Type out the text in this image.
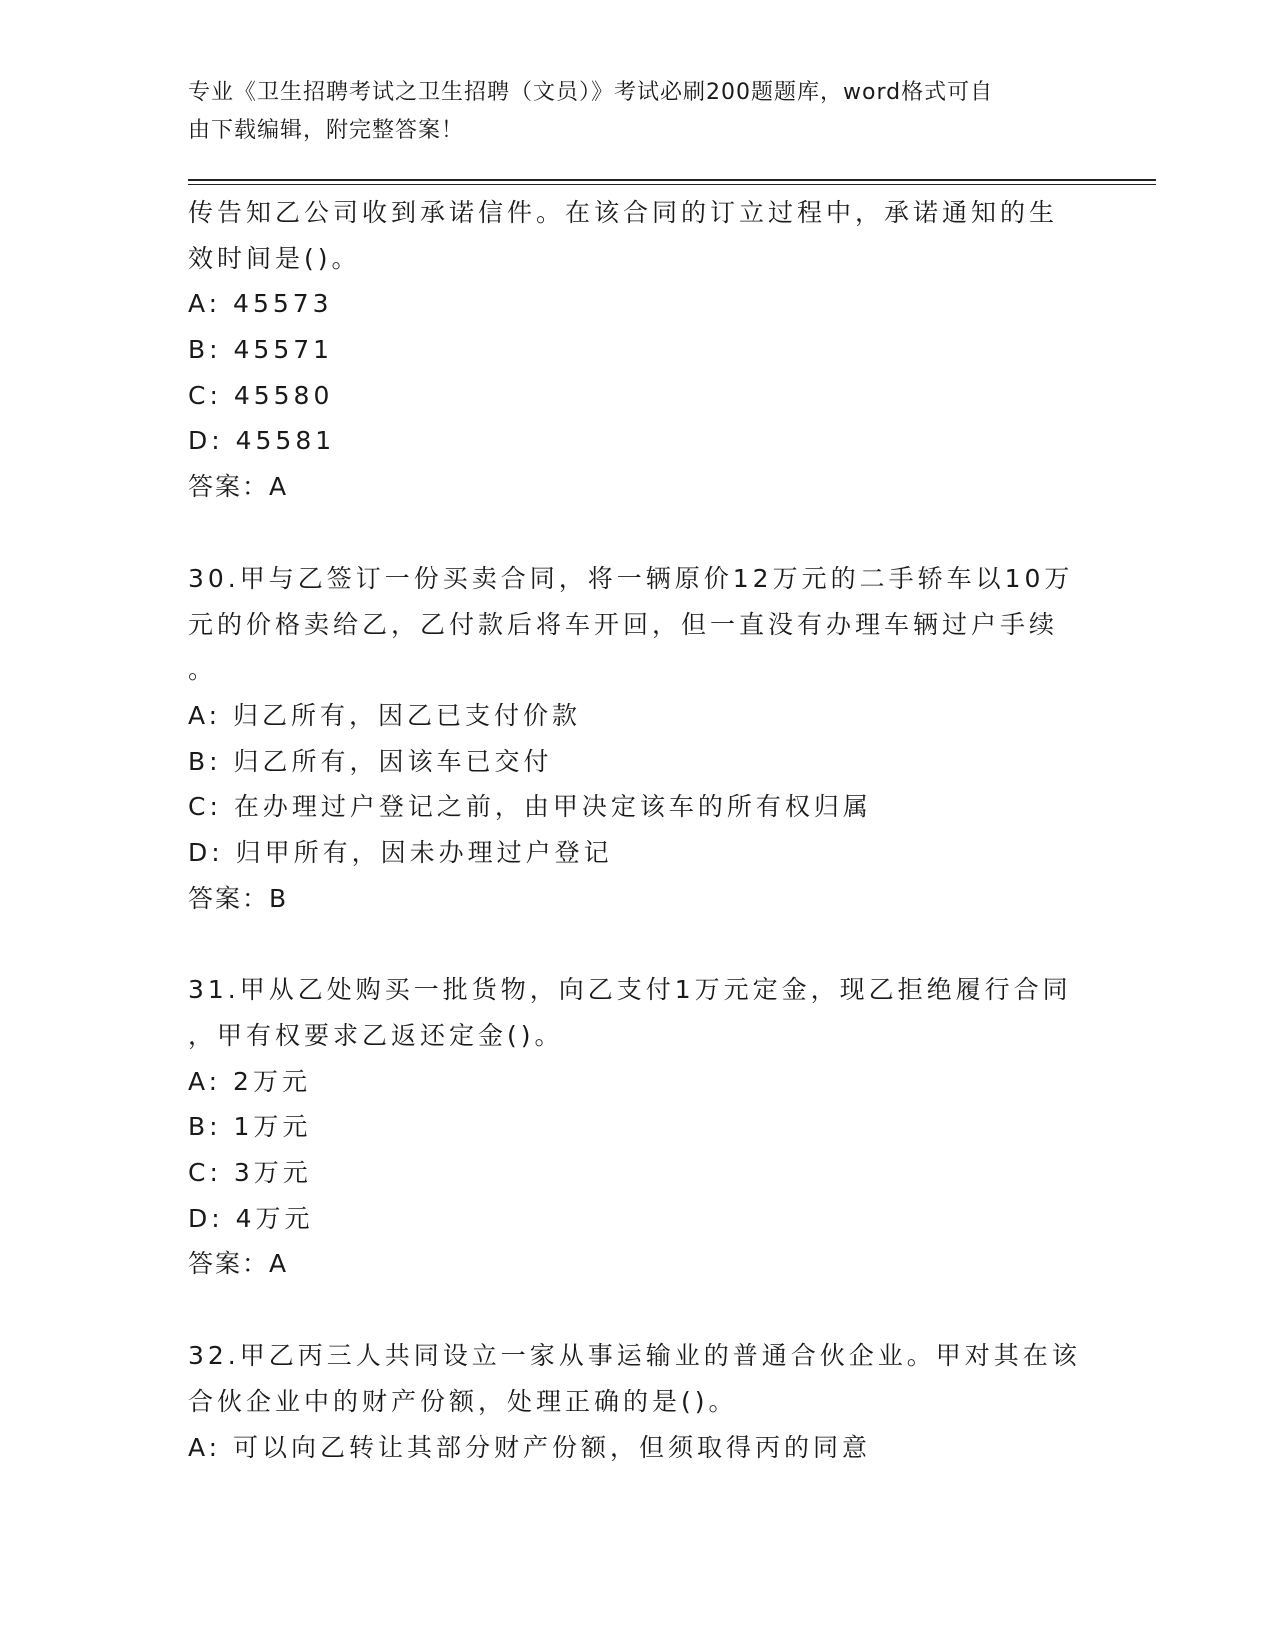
专业《卫生招聘考试之卫生招聘（文员）》考试必刷200题题库，word格式可自
由下载编辑，附完整答案！
传告知乙公司收到承诺信件。在该合同的订立过程中，承诺通知的生
效时间是()。
A: 45573
B: 45571
C: 45580
D: 45581
答案：A
30.甲与乙签订一份买卖合同，将一辆原价12万元的二手轿车以10万
元的价格卖给乙，乙付款后将车开回，但一直没有办理车辆过户手续
。
A: 归乙所有，因乙已支付价款
B: 归乙所有，因该车已交付
C: 在办理过户登记之前，由甲决定该车的所有权归属
D: 归甲所有，因未办理过户登记
答案：B
31.甲从乙处购买一批货物，向乙支付1万元定金，现乙拒绝履行合同
，甲有权要求乙返还定金()。
A: 2万元
B: 1万元
C: 3万元
D: 4万元
答案：A
32.甲乙丙三人共同设立一家从事运输业的普通合伙企业。甲对其在该
合伙企业中的财产份额，处理正确的是()。
A: 可以向乙转让其部分财产份额，但须取得丙的同意
